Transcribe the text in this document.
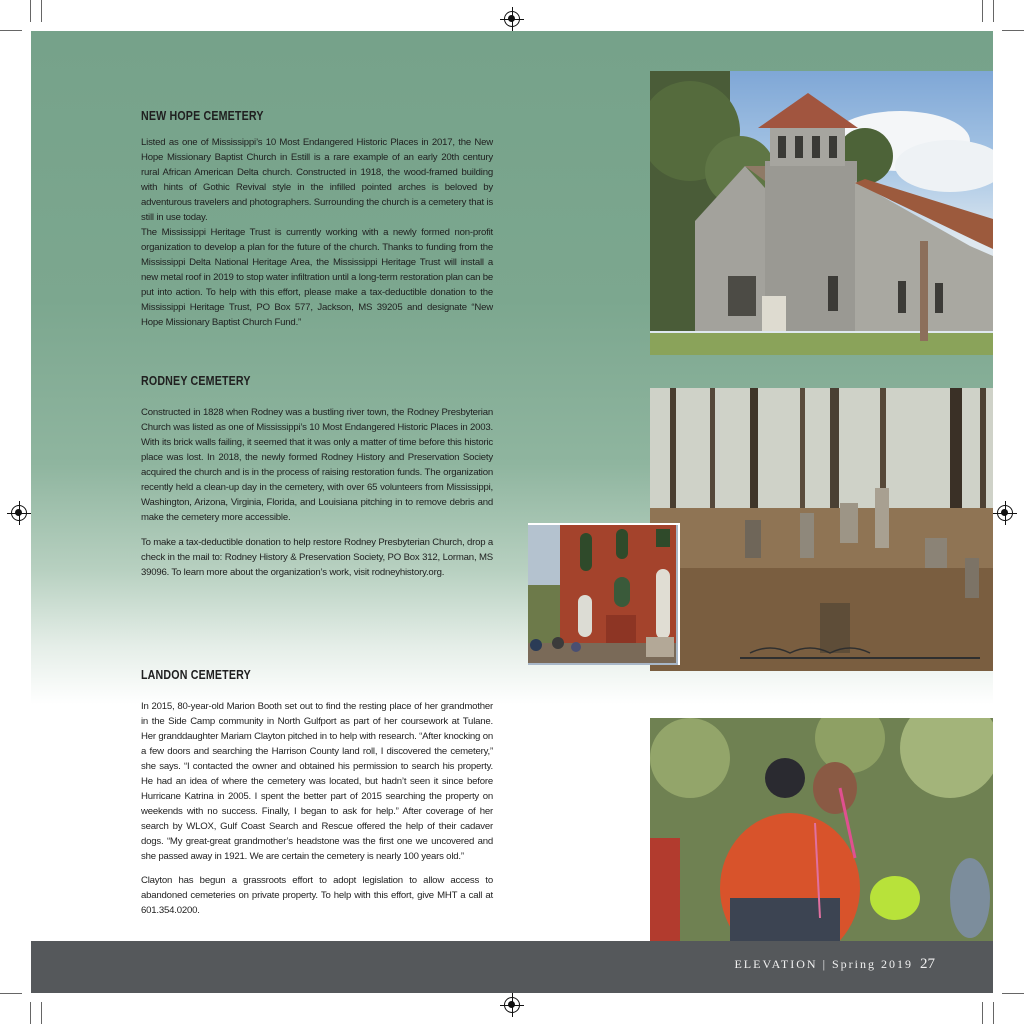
NEW HOPE CEMETERY

Listed as one of Mississippi’s 10 Most Endangered Historic Places in 2017, the New Hope Missionary Baptist Church in Estill is a rare example of an early 20th century rural African American Delta church. Constructed in 1918, the wood-framed building with hints of Gothic Revival style in the infilled pointed arches is beloved by adventurous travelers and photographers. Surrounding the church is a cemetery that is still in use today.

The Mississippi Heritage Trust is currently working with a newly formed non-profit organization to develop a plan for the future of the church. Thanks to funding from the Mississippi Delta National Heritage Area, the Mississippi Heritage Trust will install a new metal roof in 2019 to stop water infiltration until a long-term restoration plan can be put into action. To help with this effort, please make a tax-deductible donation to the Mississippi Heritage Trust, PO Box 577, Jackson, MS 39205 and designate “New Hope Missionary Baptist Church Fund.”

RODNEY CEMETERY

Constructed in 1828 when Rodney was a bustling river town, the Rodney Presbyterian Church was listed as one of Mississippi’s 10 Most Endangered Historic Places in 2003. With its brick walls failing, it seemed that it was only a matter of time before this historic place was lost. In 2018, the newly formed Rodney History and Preservation Society acquired the church and is in the process of raising restoration funds. The organization recently held a clean-up day in the cemetery, with over 65 volunteers from Mississippi, Washington, Arizona, Virginia, Florida, and Louisiana pitching in to remove debris and make the cemetery more accessible.

To make a tax-deductible donation to help restore Rodney Presbyterian Church, drop a check in the mail to: Rodney History & Preservation Society, PO Box 312, Lorman, MS 39096. To learn more about the organization’s work, visit rodneyhistory.org.

LANDON CEMETERY

In 2015, 80-year-old Marion Booth set out to find the resting place of her grandmother in the Side Camp community in North Gulfport as part of her coursework at Tulane. Her granddaughter Mariam Clayton pitched in to help with research. “After knocking on a few doors and searching the Harrison County land roll, I discovered the cemetery,” she says. “I contacted the owner and obtained his permission to search his property. He had an idea of where the cemetery was located, but hadn’t seen it since before Hurricane Katrina in 2005. I spent the better part of 2015 searching the property on weekends with no success. Finally, I began to ask for help.” After coverage of her search by WLOX, Gulf Coast Search and Rescue offered the help of their cadaver dogs. “My great-great grandmother’s headstone was the first one we uncovered and she passed away in 1921. We are certain the cemetery is nearly 100 years old.”

Clayton has begun a grassroots effort to adopt legislation to allow access to abandoned cemeteries on private property. To help with this effort, give MHT a call at 601.354.0200.

ELEVATION | Spring 2019 27
